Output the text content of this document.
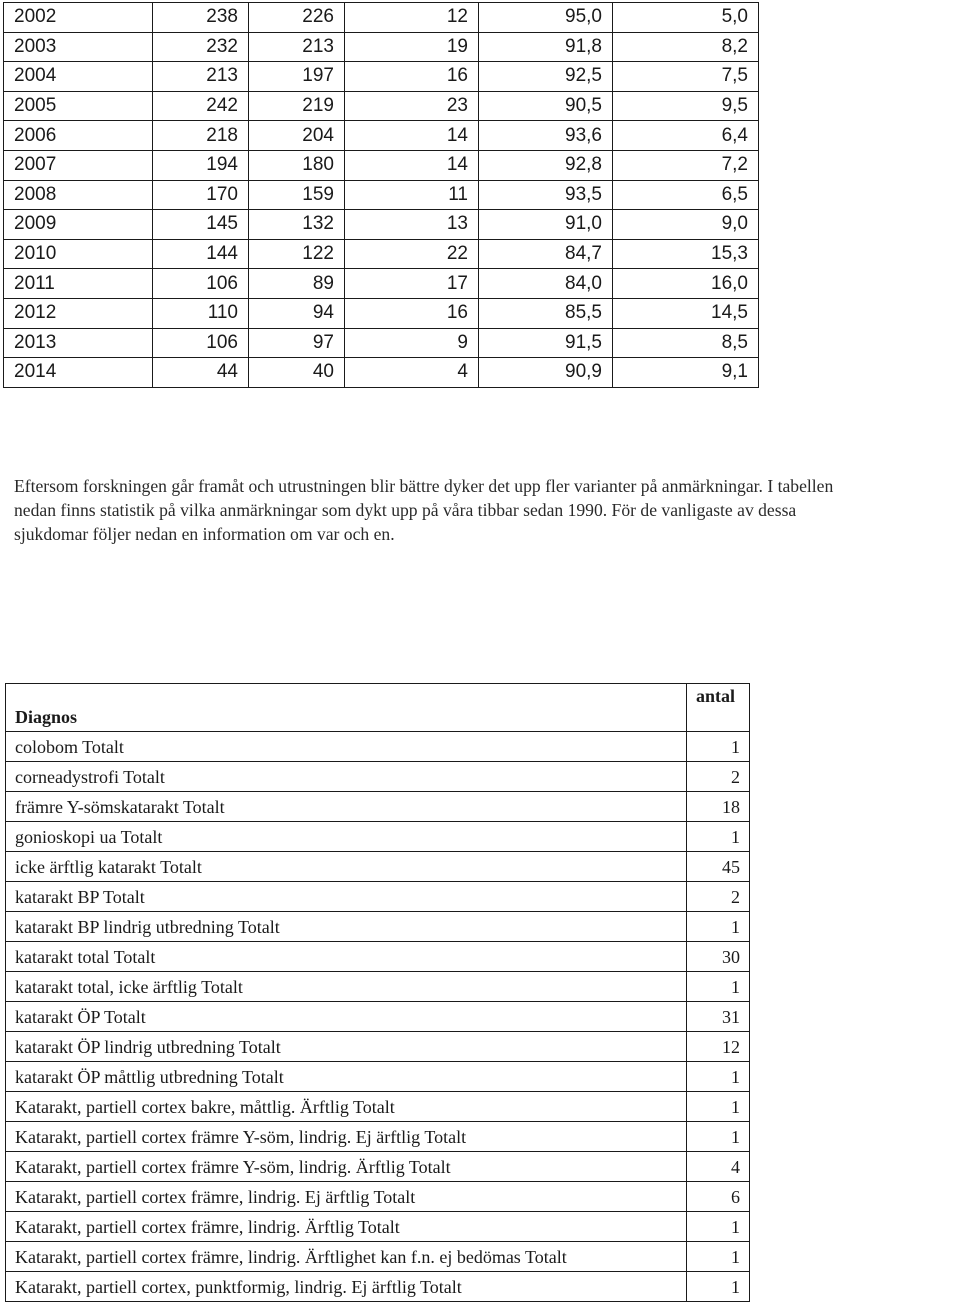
2002	238	226	12	95,0	5,0
2003	232	213	19	91,8	8,2
2004	213	197	16	92,5	7,5
2005	242	219	23	90,5	9,5
2006	218	204	14	93,6	6,4
2007	194	180	14	92,8	7,2
2008	170	159	11	93,5	6,5
2009	145	132	13	91,0	9,0
2010	144	122	22	84,7	15,3
2011	106	89	17	84,0	16,0
2012	110	94	16	85,5	14,5
2013	106	97	9	91,5	8,5
2014	44	40	4	90,9	9,1

Eftersom forskningen går framåt och utrustningen blir bättre dyker det upp fler varianter på anmärkningar. I tabellen
nedan finns statistik på vilka anmärkningar som dykt upp på våra tibbar sedan 1990. För de vanligaste av dessa
sjukdomar följer nedan en information om var och en.

Diagnos	antal
colobom Totalt	1
corneadystrofi Totalt	2
främre Y-sömskatarakt Totalt	18
gonioskopi ua Totalt	1
icke ärftlig katarakt Totalt	45
katarakt BP Totalt	2
katarakt BP lindrig utbredning Totalt	1
katarakt total Totalt	30
katarakt total, icke ärftlig Totalt	1
katarakt ÖP Totalt	31
katarakt ÖP lindrig utbredning Totalt	12
katarakt ÖP måttlig utbredning Totalt	1
Katarakt, partiell cortex bakre, måttlig. Ärftlig Totalt	1
Katarakt, partiell cortex främre Y-söm, lindrig. Ej ärftlig Totalt	1
Katarakt, partiell cortex främre Y-söm, lindrig. Ärftlig Totalt	4
Katarakt, partiell cortex främre, lindrig. Ej ärftlig Totalt	6
Katarakt, partiell cortex främre, lindrig. Ärftlig Totalt	1
Katarakt, partiell cortex främre, lindrig. Ärftlighet kan f.n. ej bedömas Totalt	1
Katarakt, partiell cortex, punktformig, lindrig. Ej ärftlig Totalt	1
